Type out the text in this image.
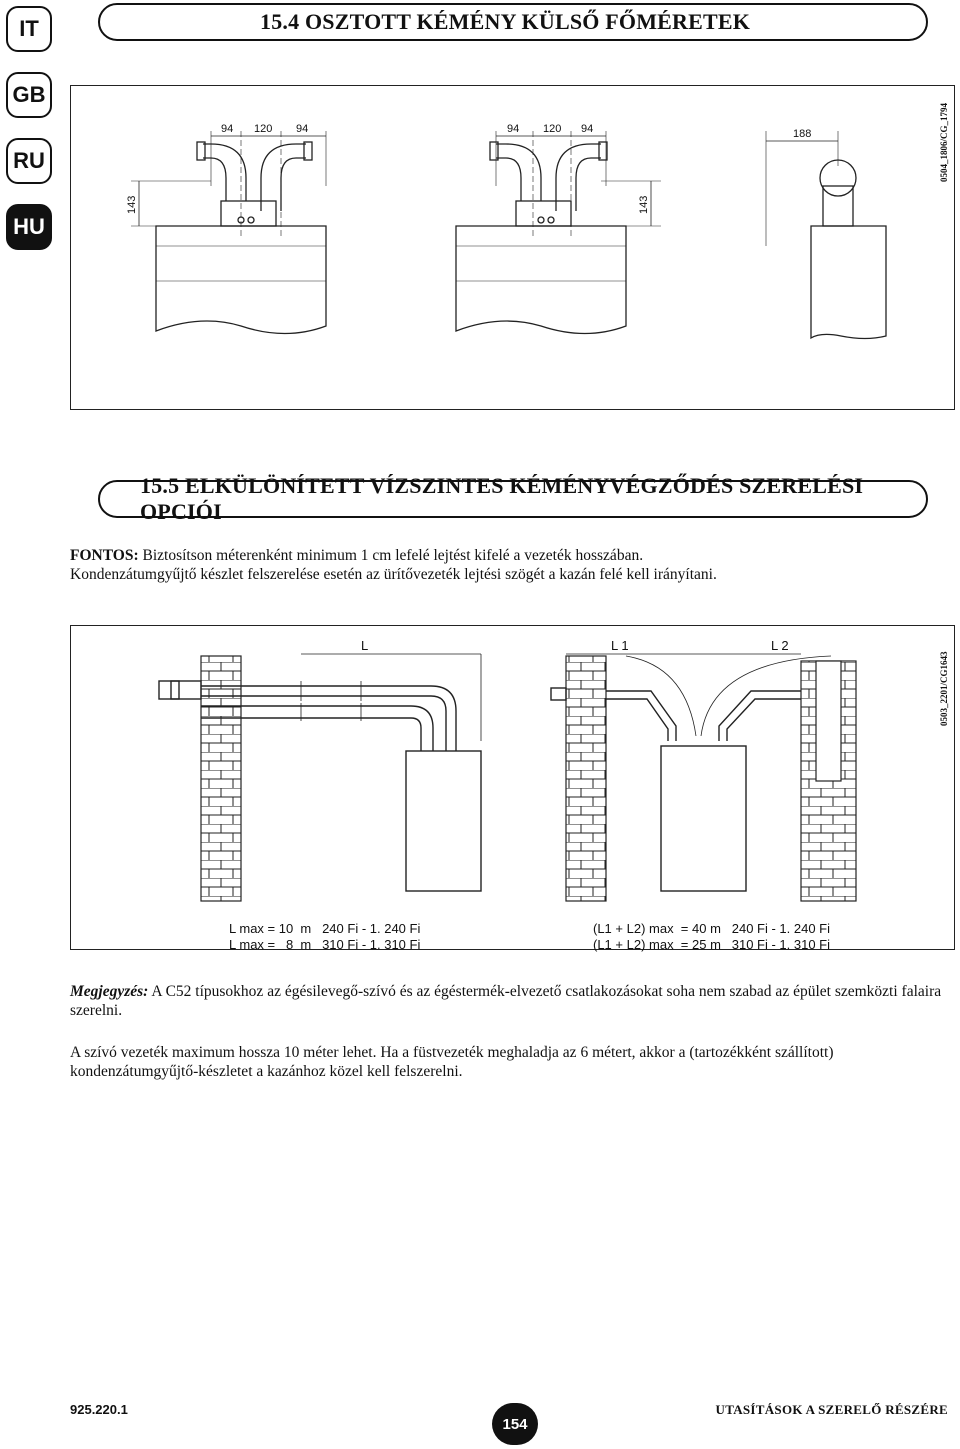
IT
GB
RU
HU
15.4 OSZTOTT KÉMÉNY KÜLSŐ FŐMÉRETEK
94 120 94	94 120 94	188
143	143
0504_1806/CG_1794
15.5 ELKÜLÖNÍTETT VÍZSZINTES KÉMÉNYVÉGZŐDÉS SZERELÉSI OPCIÓI
FONTOS: Biztosítson méterenként minimum 1 cm lefelé lejtést kifelé a vezeték hosszában.
Kondenzátumgyűjtő készlet felszerelése esetén az ürítővezeték lejtési szögét a kazán felé kell irányítani.
L	L 1	L 2
0503_2201/CG1643
L max = 10  m   240 Fi - 1. 240 Fi
L max =   8  m   310 Fi - 1. 310 Fi
(L1 + L2) max  = 40 m   240 Fi - 1. 240 Fi
(L1 + L2) max  = 25 m   310 Fi - 1. 310 Fi
Megjegyzés: A C52 típusokhoz az égésilevegő-szívó és az égéstermék-elvezető csatlakozásokat soha nem szabad az épület szemközti falaira szerelni.
A szívó vezeték maximum hossza 10 méter lehet. Ha a füstvezeték meghaladja az 6 métert, akkor a (tartozékként szállított) kondenzátumgyűjtő-készletet a kazánhoz közel kell felszerelni.
925.220.1
154
UTASÍTÁSOK A SZERELŐ RÉSZÉRE
